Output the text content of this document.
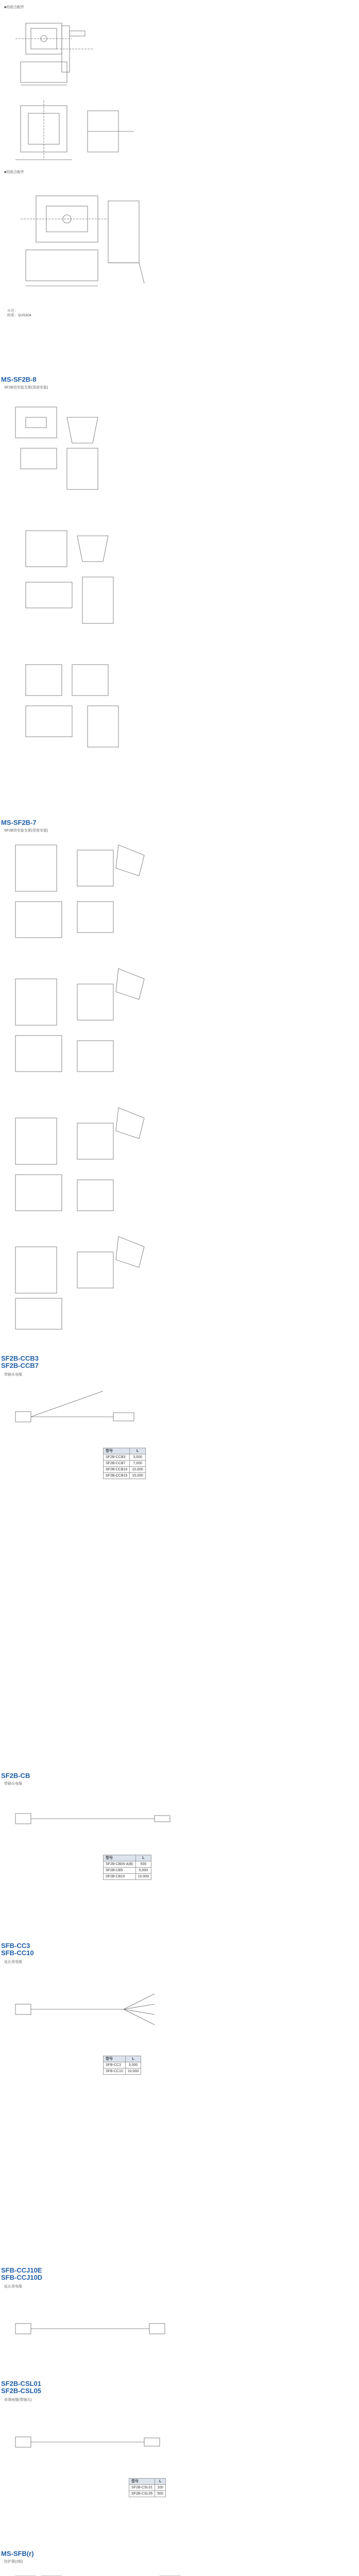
■用组合配件
■用组合配件

※注：
材质：SUS304

MS-SF2B-8
SF2B用安装支架(顶部安装)
MS-SF2B-7
SF2B用安装支架(背部安装)
SF2B-CCB3
SF2B-CCB7
带插头电缆
型号	L
SF2B-CCB3	3,000
SF2B-CCB7	7,000
SF2B-CCB10	10,000
SF2B-CCB15	15,000
SF2B-CB
带插头电缆
型号	L
SF2B-CB05-A(B)	500
SF2B-CB5	5,000
SF2B-CB10	10,000
SFB-CC3
SFB-CC10
延长用电缆
型号	L
SFB-CC3	3,000
SFB-CC10	10,000
SFB-CCJ10E
SFB-CCJ10D
延长用电缆
SF2B-CSL01
SF2B-CSL05
单端电缆(带插头)
型号	L
SF2B-CSL01	100
SF2B-CSL05	500
MS-SFB(r)
防护罩(2根)
